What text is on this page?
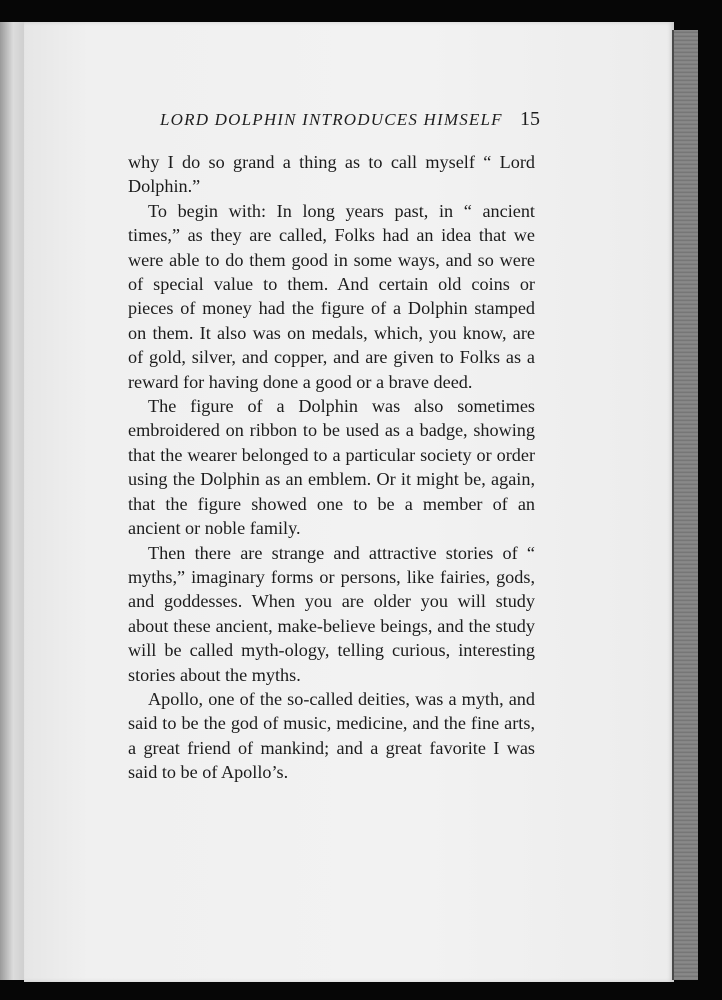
LORD DOLPHIN INTRODUCES HIMSELF 15

why I do so grand a thing as to call myself “ Lord Dolphin.”

To begin with: In long years past, in “ ancient times,” as they are called, Folks had an idea that we were able to do them good in some ways, and so were of special value to them. And certain old coins or pieces of money had the figure of a Dolphin stamped on them. It also was on medals, which, you know, are of gold, silver, and copper, and are given to Folks as a reward for having done a good or a brave deed.

The figure of a Dolphin was also sometimes embroidered on ribbon to be used as a badge, showing that the wearer belonged to a particular society or order using the Dolphin as an emblem. Or it might be, again, that the figure showed one to be a member of an ancient or noble family.

Then there are strange and attractive stories of “ myths,” imaginary forms or persons, like fairies, gods, and goddesses. When you are older you will study about these ancient, make-believe beings, and the study will be called myth-ology, telling curious, interesting stories about the myths.

Apollo, one of the so-called deities, was a myth, and said to be the god of music, medicine, and the fine arts, a great friend of mankind; and a great favorite I was said to be of Apollo’s.
